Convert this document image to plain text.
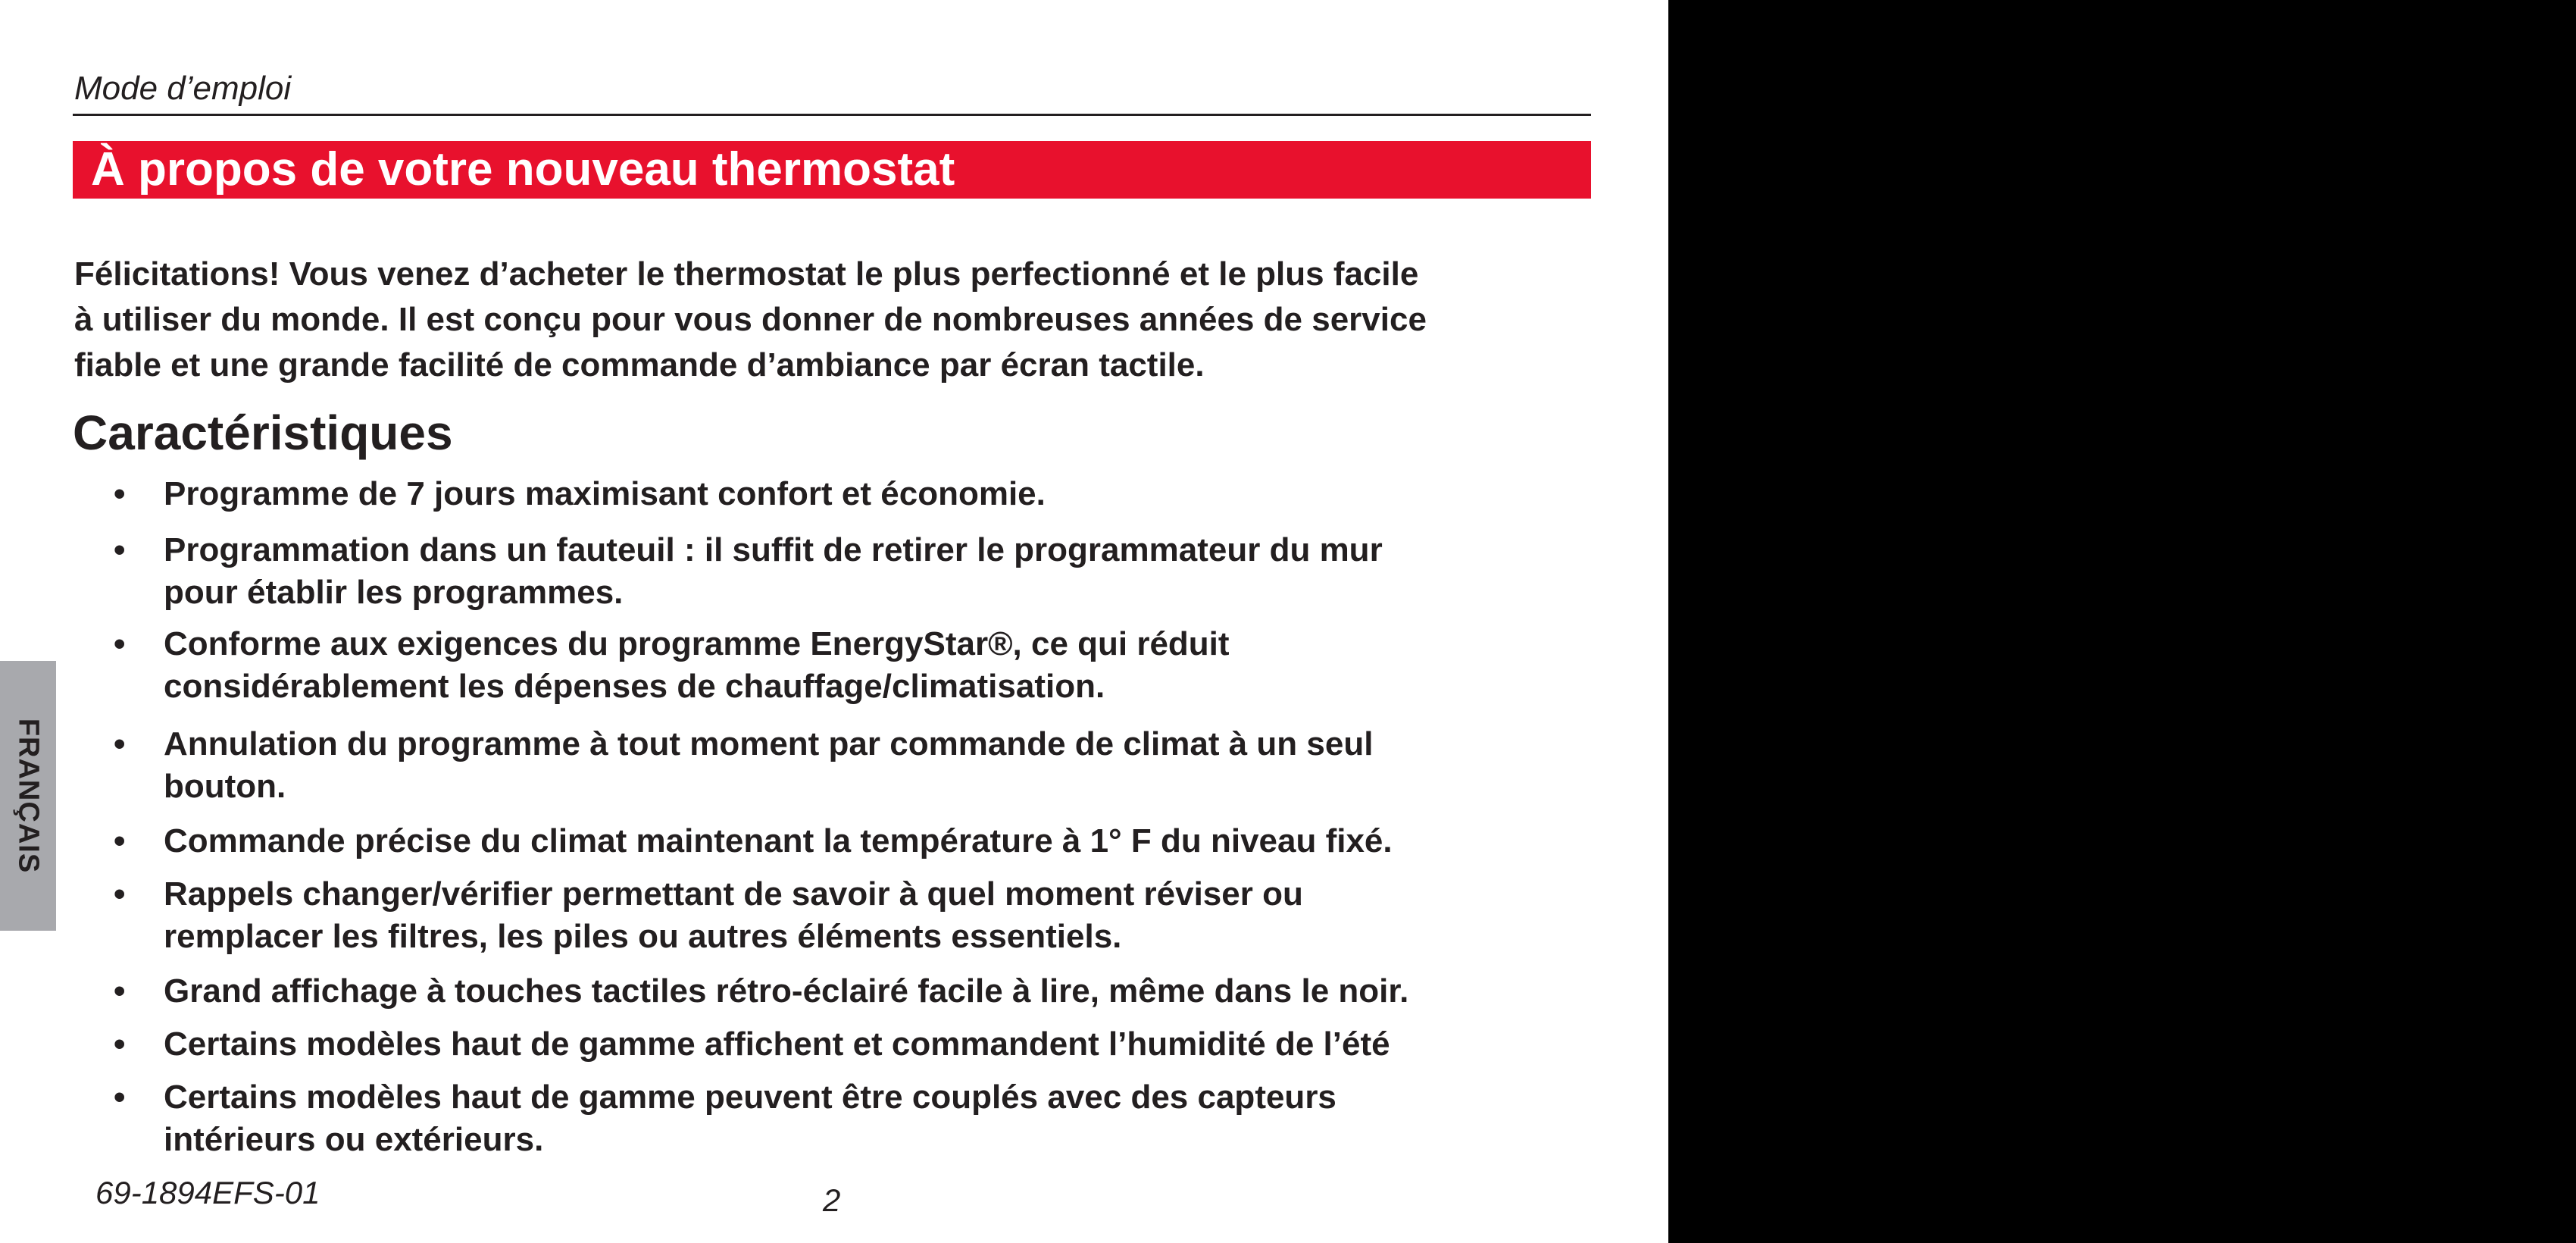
Mode d’emploi
À propos de votre nouveau thermostat
Félicitations! Vous venez d’acheter le thermostat le plus perfectionné et le plus facile
à utiliser du monde. Il est conçu pour vous donner de nombreuses années de service
fiable et une grande facilité de commande d’ambiance par écran tactile.
Caractéristiques
•	Programme de 7 jours maximisant confort et économie.
•	Programmation dans un fauteuil : il suffit de retirer le programmateur du mur
pour établir les programmes.
•	Conforme aux exigences du programme EnergyStar®, ce qui réduit
considérablement les dépenses de chauffage/climatisation.
•	Annulation du programme à tout moment par commande de climat à un seul
bouton.
•	Commande précise du climat maintenant la température à 1° F du niveau fixé.
•	Rappels changer/vérifier permettant de savoir à quel moment réviser ou
remplacer les filtres, les piles ou autres éléments essentiels.
•	Grand affichage à touches tactiles rétro-éclairé facile à lire, même dans le noir.
•	Certains modèles haut de gamme affichent et commandent l’humidité de l’été
•	Certains modèles haut de gamme peuvent être couplés avec des capteurs
intérieurs ou extérieurs.
FRANÇAIS
69-1894EFS-01	2
